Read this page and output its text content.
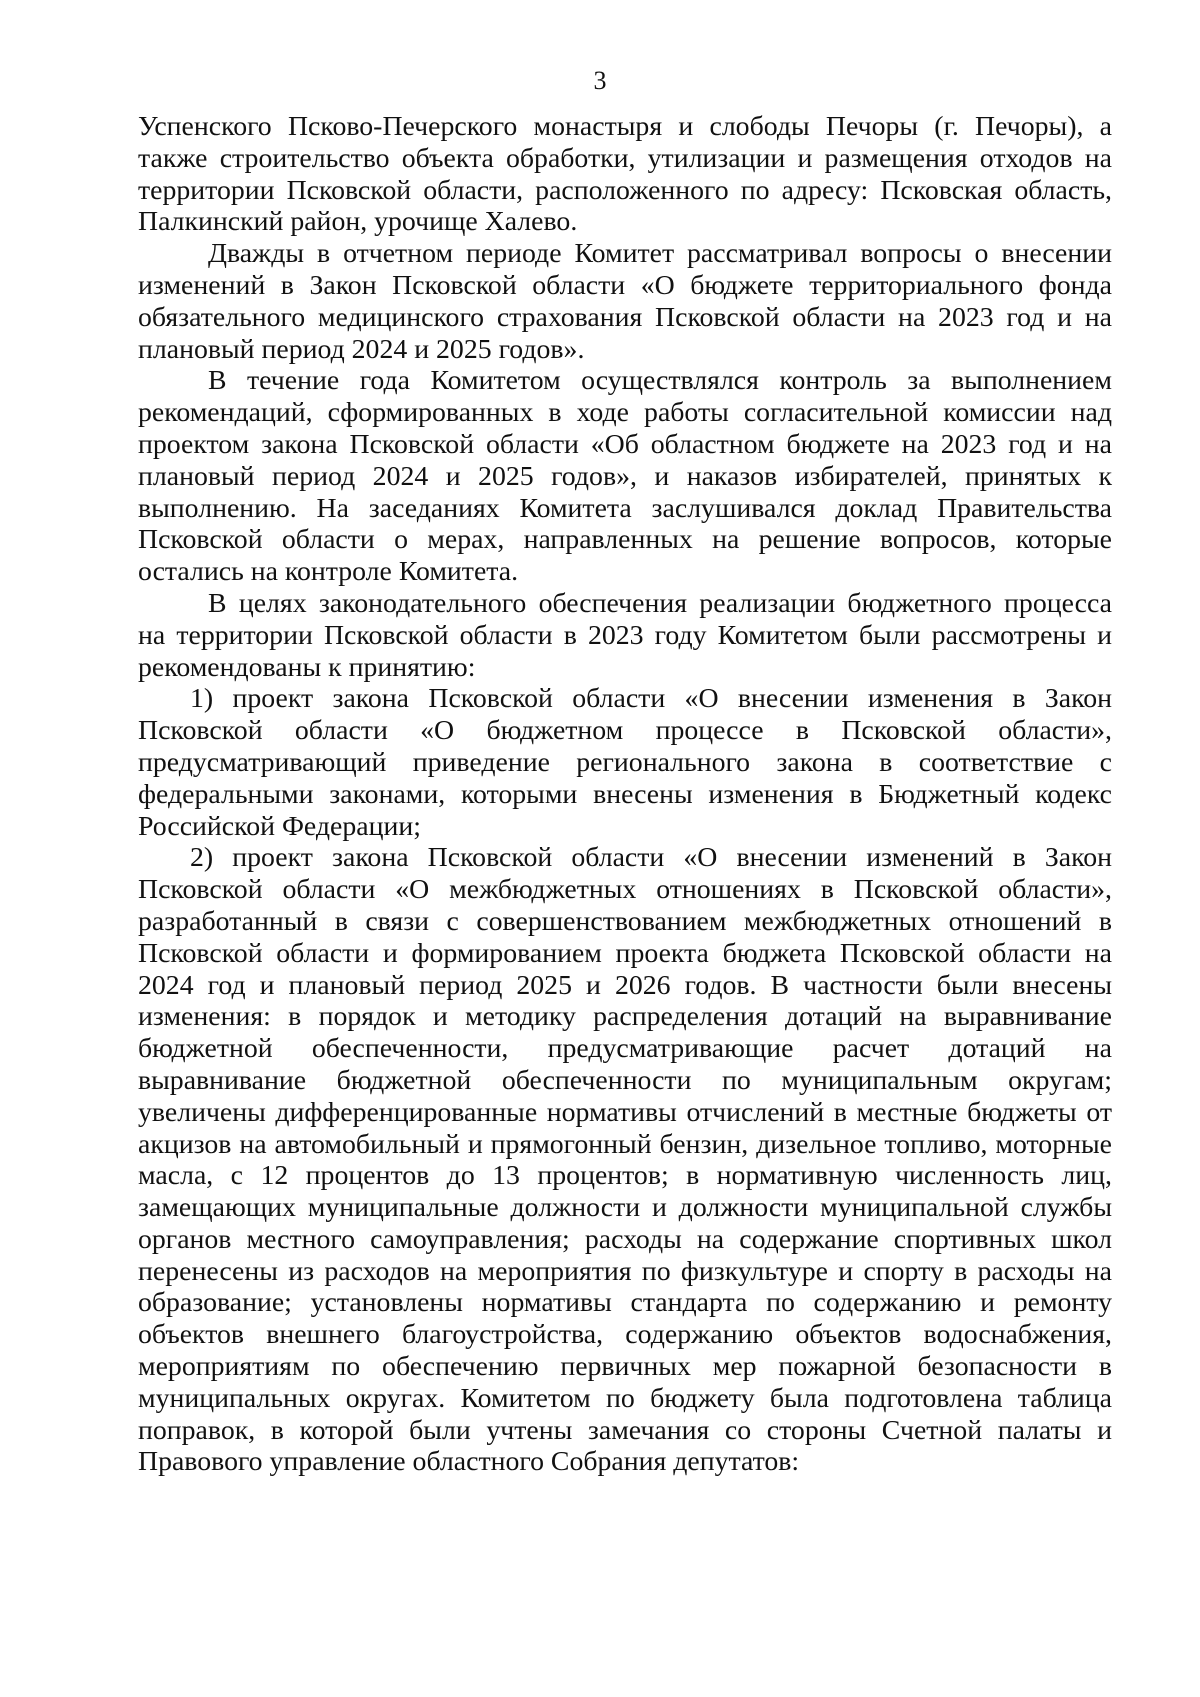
3

Успенского Псково-Печерского монастыря и слободы Печоры (г. Печоры), а также строительство объекта обработки, утилизации и размещения отходов на территории Псковской области, расположенного по адресу: Псковская область, Палкинский район, урочище Халево.

Дважды в отчетном периоде Комитет рассматривал вопросы о внесении изменений в Закон Псковской области «О бюджете территориального фонда обязательного медицинского страхования Псковской области на 2023 год и на плановый период 2024 и 2025 годов».

В течение года Комитетом осуществлялся контроль за выполнением рекомендаций, сформированных в ходе работы согласительной комиссии над проектом закона Псковской области «Об областном бюджете на 2023 год и на плановый период 2024 и 2025 годов», и наказов избирателей, принятых к выполнению. На заседаниях Комитета заслушивался доклад Правительства Псковской области о мерах, направленных на решение вопросов, которые остались на контроле Комитета.

В целях законодательного обеспечения реализации бюджетного процесса на территории Псковской области в 2023 году Комитетом были рассмотрены и рекомендованы к принятию:

1) проект закона Псковской области «О внесении изменения в Закон Псковской области «О бюджетном процессе в Псковской области», предусматривающий приведение регионального закона в соответствие с федеральными законами, которыми внесены изменения в Бюджетный кодекс Российской Федерации;

2) проект закона Псковской области «О внесении изменений в Закон Псковской области «О межбюджетных отношениях в Псковской области», разработанный в связи с совершенствованием межбюджетных отношений в Псковской области и формированием проекта бюджета Псковской области на 2024 год и плановый период 2025 и 2026 годов. В частности были внесены изменения: в порядок и методику распределения дотаций на выравнивание бюджетной обеспеченности, предусматривающие расчет дотаций на выравнивание бюджетной обеспеченности по муниципальным округам; увеличены дифференцированные нормативы отчислений в местные бюджеты от акцизов на автомобильный и прямогонный бензин, дизельное топливо, моторные масла, с 12 процентов до 13 процентов; в нормативную численность лиц, замещающих муниципальные должности и должности муниципальной службы органов местного самоуправления; расходы на содержание спортивных школ перенесены из расходов на мероприятия по физкультуре и спорту в расходы на образование; установлены нормативы стандарта по содержанию и ремонту объектов внешнего благоустройства, содержанию объектов водоснабжения, мероприятиям по обеспечению первичных мер пожарной безопасности в муниципальных округах. Комитетом по бюджету была подготовлена таблица поправок, в которой были учтены замечания со стороны Счетной палаты и Правового управление областного Собрания депутатов:
